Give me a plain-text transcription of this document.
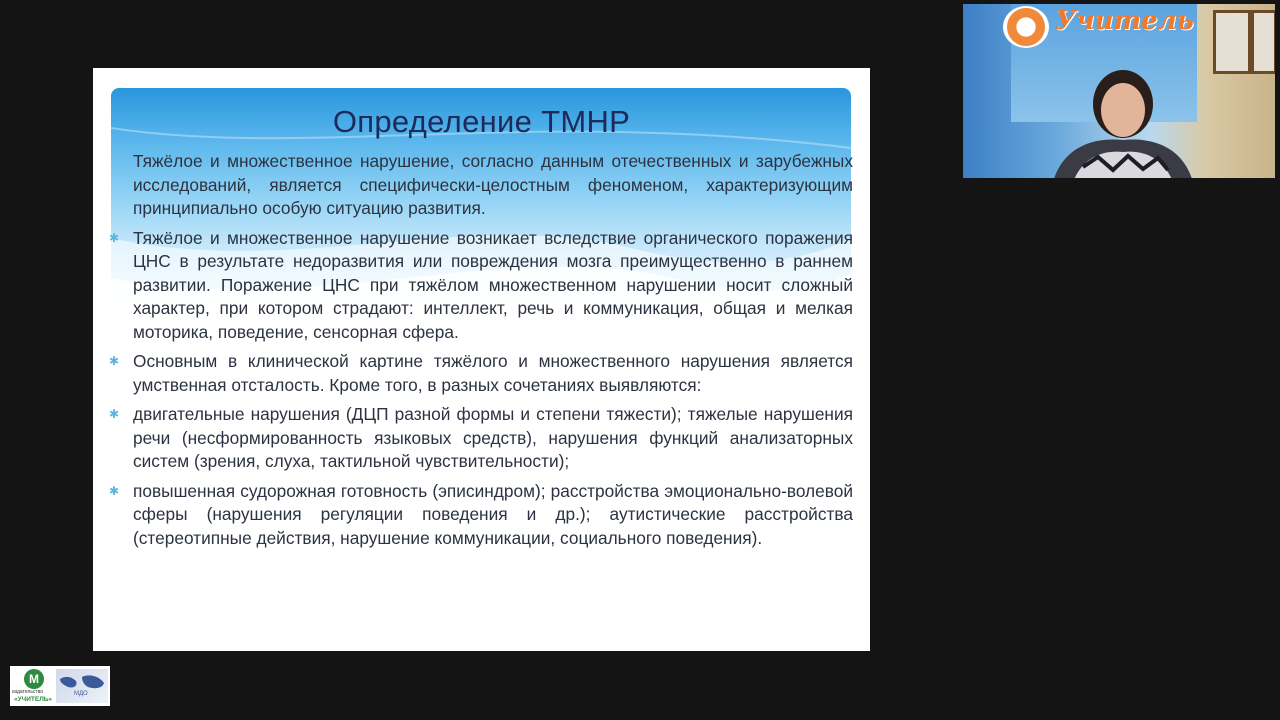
Определение ТМНР

Тяжёлое и множественное нарушение, согласно данным отечественных и зарубежных исследований, является специфически-целостным феноменом, характеризующим принципиально особую ситуацию развития.

✱ Тяжёлое и множественное нарушение возникает вследствие органического поражения ЦНС в результате недоразвития или повреждения мозга преимущественно в раннем развитии. Поражение ЦНС при тяжёлом множественном нарушении носит сложный характер, при котором страдают: интеллект, речь и коммуникация, общая и мелкая моторика, поведение, сенсорная сфера.

✱ Основным в клинической картине тяжёлого и множественного нарушения является умственная отсталость. Кроме того, в разных сочетаниях выявляются:

✱ двигательные нарушения (ДЦП разной формы и степени тяжести); тяжелые нарушения речи (несформированность языковых средств), нарушения функций анализаторных систем (зрения, слуха, тактильной чувствительности);

✱ повышенная судорожная готовность (эписиндром); расстройства эмоционально-волевой сферы (нарушения регуляции поведения и др.); аутистические расстройства (стереотипные действия, нарушение коммуникации, социального поведения).

Учитель
М
издательство
«УЧИТЕЛЬ»
МДО
